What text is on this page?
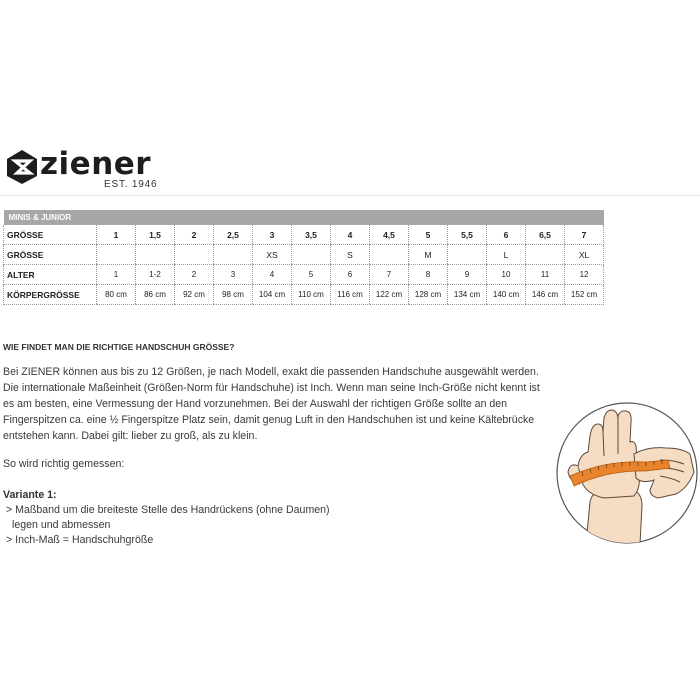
ziener
EST. 1946
MINIS & JUNIOR													
GRÖSSE	1	1,5	2	2,5	3	3,5	4	4,5	5	5,5	6	6,5	7
GRÖSSE					XS		S		M		L		XL
ALTER	1	1-2	2	3	4	5	6	7	8	9	10	11	12
KÖRPERGRÖSSE	80 cm	86 cm	92 cm	98 cm	104 cm	110 cm	116 cm	122 cm	128 cm	134 cm	140 cm	146 cm	152 cm
WIE FINDET MAN DIE RICHTIGE HANDSCHUH GRÖSSE?

Bei ZIENER können aus bis zu 12 Größen, je nach Modell, exakt die passenden Handschuhe ausgewählt werden.

Die internationale Maßeinheit (Größen-Norm für Handschuhe) ist Inch. Wenn man seine Inch-Größe nicht kennt ist

es am besten, eine Vermessung der Hand vorzunehmen. Bei der Auswahl der richtigen Größe sollte an den

Fingerspitzen ca. eine ½ Fingerspitze Platz sein, damit genug Luft in den Handschuhen ist und keine Kältebrücke

entstehen kann. Dabei gilt: lieber zu groß, als zu klein.

So wird richtig gemessen:
Variante 1:
> Maßband um die breiteste Stelle des Handrückens (ohne Daumen)
legen und abmessen
> Inch-Maß = Handschuhgröße
